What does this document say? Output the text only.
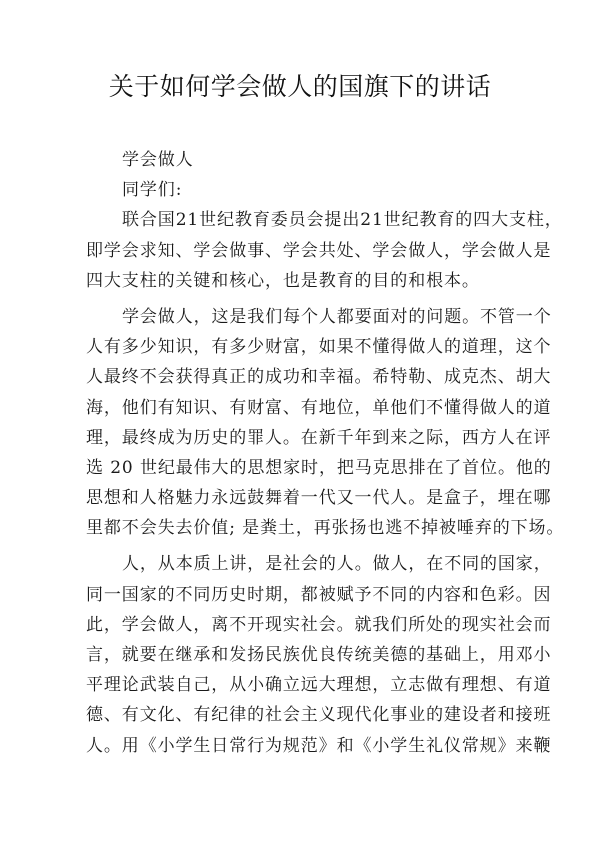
关于如何学会做人的国旗下的讲话
学会做人
同学们:
联合国21世纪教育委员会提出21世纪教育的四大支柱，
即学会求知、学会做事、学会共处、学会做人，学会做人是
四大支柱的关键和核心，也是教育的目的和根本。
学会做人，这是我们每个人都要面对的问题。不管一个
人有多少知识，有多少财富，如果不懂得做人的道理，这个
人最终不会获得真正的成功和幸福。希特勒、成克杰、胡大
海，他们有知识、有财富、有地位，单他们不懂得做人的道
理，最终成为历史的罪人。在新千年到来之际，西方人在评
选 20 世纪最伟大的思想家时，把马克思排在了首位。他的
思想和人格魅力永远鼓舞着一代又一代人。是盒子，埋在哪
里都不会失去价值; 是粪土，再张扬也逃不掉被唾弃的下场。
人，从本质上讲，是社会的人。做人，在不同的国家，
同一国家的不同历史时期，都被赋予不同的内容和色彩。因
此，学会做人，离不开现实社会。就我们所处的现实社会而
言，就要在继承和发扬民族优良传统美德的基础上，用邓小
平理论武装自己，从小确立远大理想，立志做有理想、有道
德、有文化、有纪律的社会主义现代化事业的建设者和接班
人。用《小学生日常行为规范》和《小学生礼仪常规》来鞭
